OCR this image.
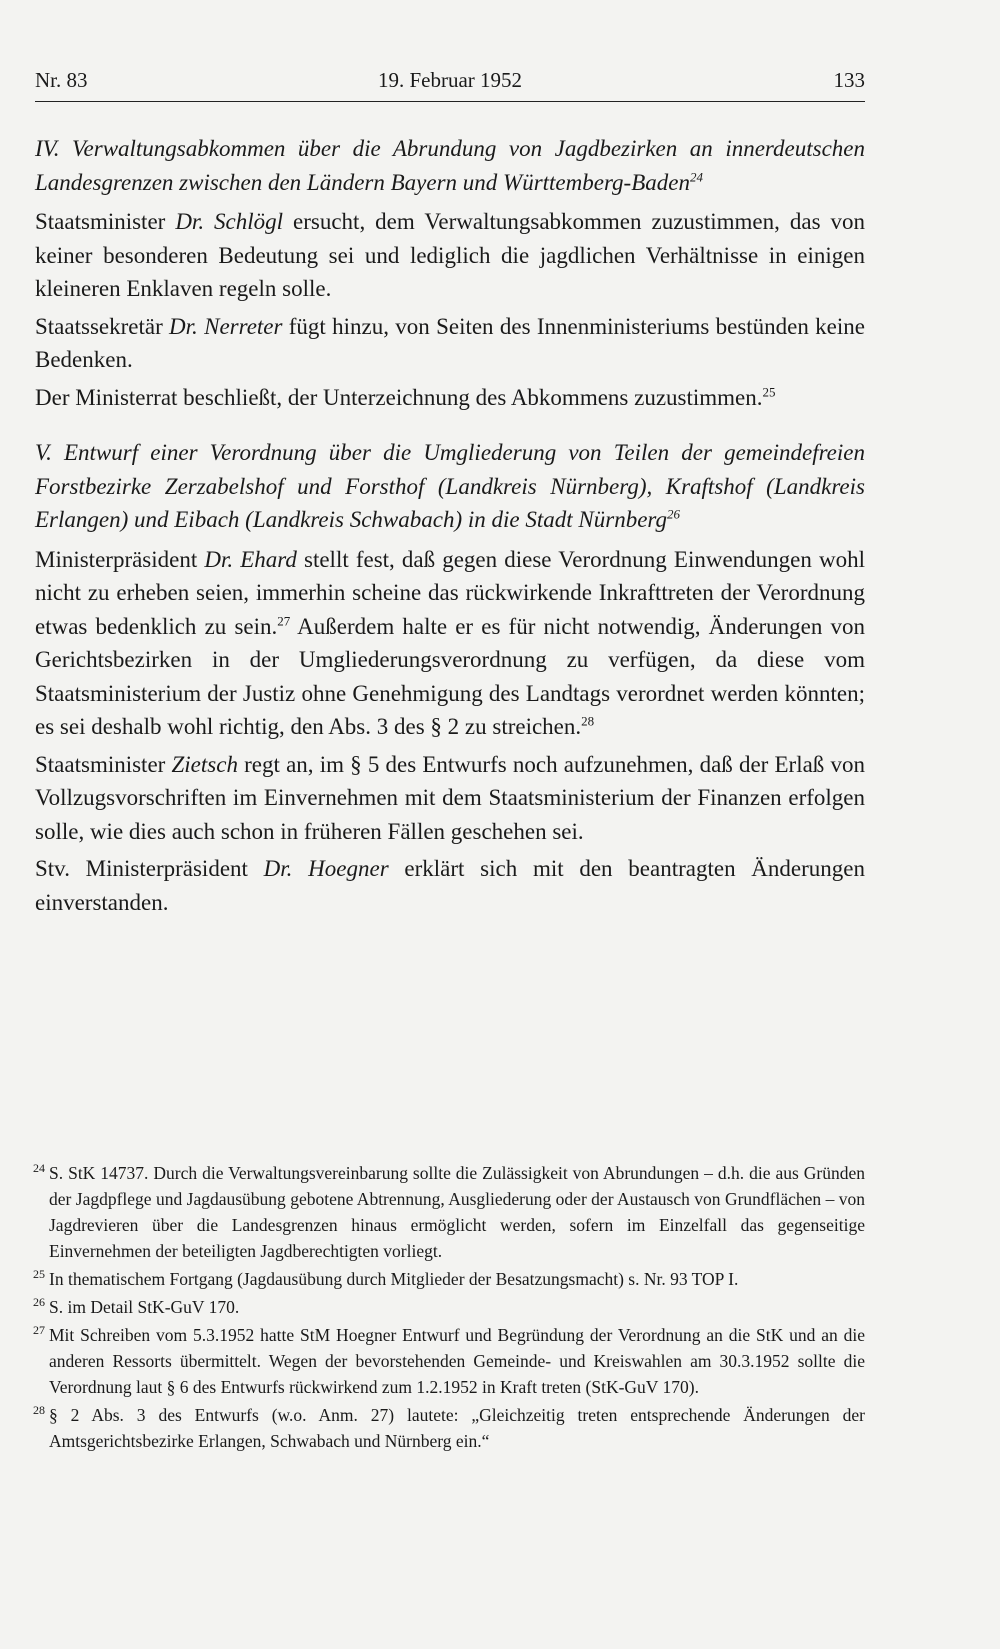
Nr. 83	19. Februar 1952	133

IV. Verwaltungsabkommen über die Abrundung von Jagdbezirken an innerdeutschen Landesgrenzen zwischen den Ländern Bayern und Württemberg-Baden$^{24}$

Staatsminister Dr. Schlögl ersucht, dem Verwaltungsabkommen zuzustimmen, das von keiner besonderen Bedeutung sei und lediglich die jagdlichen Verhältnisse in einigen kleineren Enklaven regeln solle.

Staatssekretär Dr. Nerreter fügt hinzu, von Seiten des Innenministeriums bestünden keine Bedenken.

Der Ministerrat beschließt, der Unterzeichnung des Abkommens zuzustimmen.$^{25}$

V. Entwurf einer Verordnung über die Umgliederung von Teilen der gemeindefreien Forstbezirke Zerzabelshof und Forsthof (Landkreis Nürnberg), Kraftshof (Landkreis Erlangen) und Eibach (Landkreis Schwabach) in die Stadt Nürnberg$^{26}$

Ministerpräsident Dr. Ehard stellt fest, daß gegen diese Verordnung Einwendungen wohl nicht zu erheben seien, immerhin scheine das rückwirkende Inkrafttreten der Verordnung etwas bedenklich zu sein.$^{27}$ Außerdem halte er es für nicht notwendig, Änderungen von Gerichtsbezirken in der Umgliederungsverordnung zu verfügen, da diese vom Staatsministerium der Justiz ohne Genehmigung des Landtags verordnet werden könnten; es sei deshalb wohl richtig, den Abs. 3 des § 2 zu streichen.$^{28}$

Staatsminister Zietsch regt an, im § 5 des Entwurfs noch aufzunehmen, daß der Erlaß von Vollzugsvorschriften im Einvernehmen mit dem Staatsministerium der Finanzen erfolgen solle, wie dies auch schon in früheren Fällen geschehen sei.

Stv. Ministerpräsident Dr. Hoegner erklärt sich mit den beantragten Änderungen einverstanden.

24 S. StK 14737. Durch die Verwaltungsvereinbarung sollte die Zulässigkeit von Abrundungen – d.h. die aus Gründen der Jagdpflege und Jagdausübung gebotene Abtrennung, Ausgliederung oder der Austausch von Grundflächen – von Jagdrevieren über die Landesgrenzen hinaus ermöglicht werden, sofern im Einzelfall das gegenseitige Einvernehmen der beteiligten Jagdberechtigten vorliegt.
25 In thematischem Fortgang (Jagdausübung durch Mitglieder der Besatzungsmacht) s. Nr. 93 TOP I.
26 S. im Detail StK-GuV 170.
27 Mit Schreiben vom 5.3.1952 hatte StM Hoegner Entwurf und Begründung der Verordnung an die StK und an die anderen Ressorts übermittelt. Wegen der bevorstehenden Gemeinde- und Kreiswahlen am 30.3.1952 sollte die Verordnung laut § 6 des Entwurfs rückwirkend zum 1.2.1952 in Kraft treten (StK-GuV 170).
28 § 2 Abs. 3 des Entwurfs (w.o. Anm. 27) lautete: „Gleichzeitig treten entsprechende Änderungen der Amtsgerichtsbezirke Erlangen, Schwabach und Nürnberg ein.“
